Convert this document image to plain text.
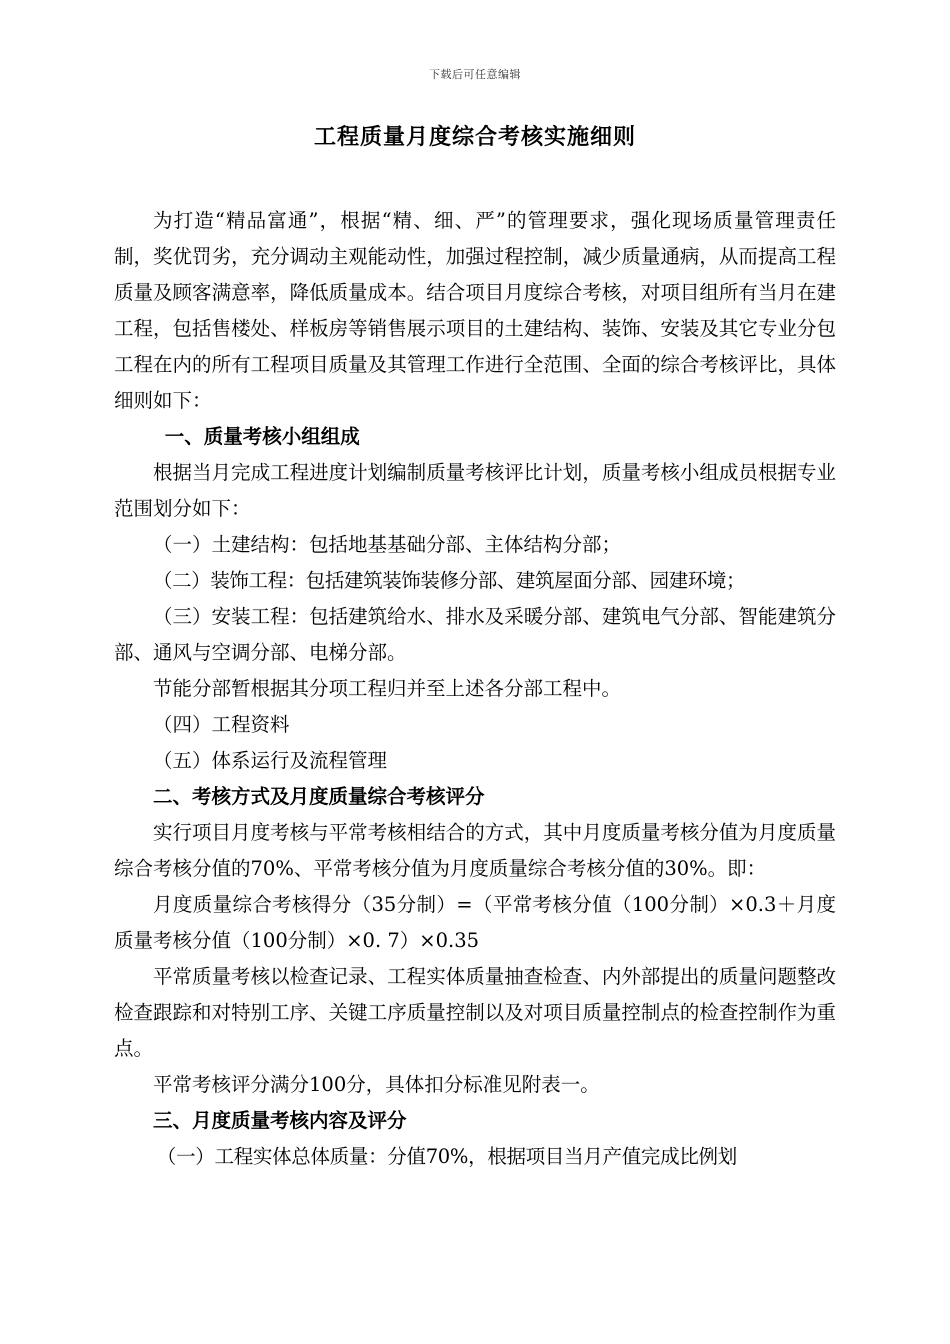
下载后可任意编辑
工程质量月度综合考核实施细则

为打造“精品富通”，根据“精、细、严”的管理要求，强化现场质量管理责任制，奖优罚劣，充分调动主观能动性，加强过程控制，减少质量通病，从而提高工程质量及顾客满意率，降低质量成本。结合项目月度综合考核，对项目组所有当月在建工程，包括售楼处、样板房等销售展示项目的土建结构、装饰、安装及其它专业分包工程在内的所有工程项目质量及其管理工作进行全范围、全面的综合考核评比，具体细则如下：

一、质量考核小组组成

根据当月完成工程进度计划编制质量考核评比计划，质量考核小组成员根据专业范围划分如下：

（一）土建结构：包括地基基础分部、主体结构分部；

（二）装饰工程：包括建筑装饰装修分部、建筑屋面分部、园建环境；

（三）安装工程：包括建筑给水、排水及采暖分部、建筑电气分部、智能建筑分部、通风与空调分部、电梯分部。

节能分部暂根据其分项工程归并至上述各分部工程中。

（四）工程资料

（五）体系运行及流程管理

二、考核方式及月度质量综合考核评分

实行项目月度考核与平常考核相结合的方式，其中月度质量考核分值为月度质量综合考核分值的70%、平常考核分值为月度质量综合考核分值的30%。即：

月度质量综合考核得分（35分制）=（平常考核分值（100分制）×0.3＋月度质量考核分值（100分制）×0. 7）×0.35

平常质量考核以检查记录、工程实体质量抽查检查、内外部提出的质量问题整改检查跟踪和对特别工序、关键工序质量控制以及对项目质量控制点的检查控制作为重点。

平常考核评分满分100分，具体扣分标准见附表一。

三、月度质量考核内容及评分

（一）工程实体总体质量：分值70%，根据项目当月产值完成比例划
